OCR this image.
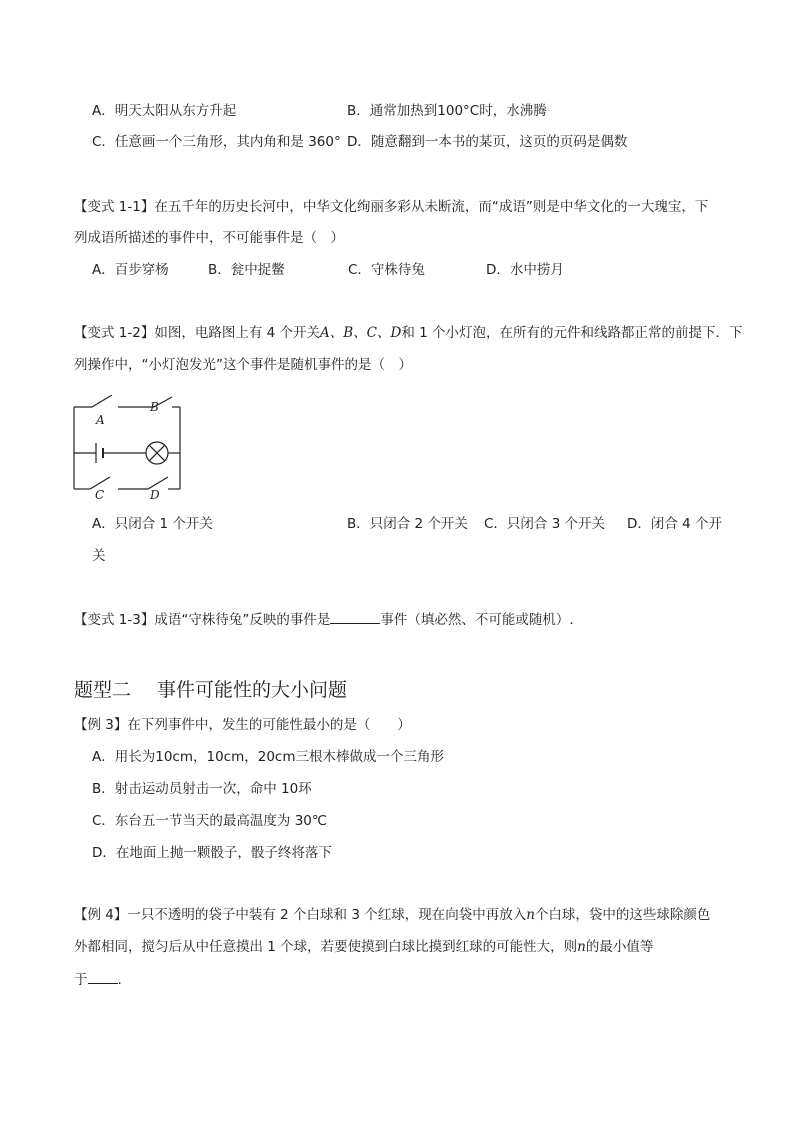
A．明天太阳从东方升起	B．通常加热到100°C时，水沸腾
C．任意画一个三角形，其内角和是 360° D．随意翻到一本书的某页，这页的页码是偶数
【变式 1-1】在五千年的历史长河中，中华文化绚丽多彩从未断流，而“成语”则是中华文化的一大瑰宝，下
列成语所描述的事件中，不可能事件是（　）
A．百步穿杨	B．瓮中捉鳖	C．守株待兔	D．水中捞月
【变式 1-2】如图，电路图上有 4 个开关A、B、C、D和 1 个小灯泡，在所有的元件和线路都正常的前提下．下
列操作中，“小灯泡发光”这个事件是随机事件的是（　）
A
B
C	D
A．只闭合 1 个开关	B．只闭合 2 个开关 C．只闭合 3 个开关 D．闭合 4 个开
关
【变式 1-3】成语“守株待兔”反映的事件是	事件（填必然、不可能或随机）.
题型二 事件可能性的大小问题
【例 3】在下列事件中，发生的可能性最小的是（　　）
A．用长为10cm，10cm，20cm三根木棒做成一个三角形
B．射击运动员射击一次，命中 10环
C．东台五一节当天的最高温度为 30℃
D．在地面上抛一颗骰子，骰子终将落下
【例 4】一只不透明的袋子中装有 2 个白球和 3 个红球，现在向袋中再放入n个白球，袋中的这些球除颜色
外都相同，搅匀后从中任意摸出 1 个球，若要使摸到白球比摸到红球的可能性大，则n的最小值等
于 .
